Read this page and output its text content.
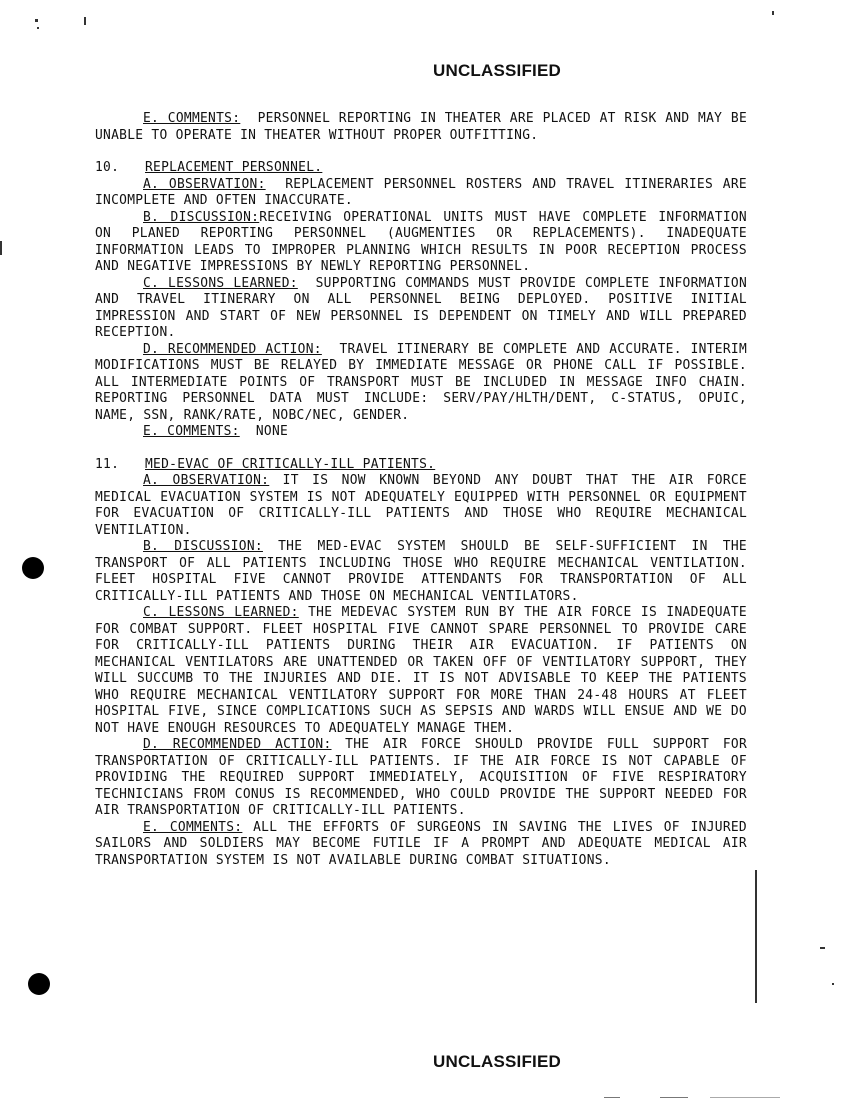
UNCLASSIFIED
E. COMMENTS: PERSONNEL REPORTING IN THEATER ARE PLACED AT RISK AND MAY BE UNABLE TO OPERATE IN THEATER WITHOUT PROPER OUTFITTING.
10. REPLACEMENT PERSONNEL.
A. OBSERVATION: REPLACEMENT PERSONNEL ROSTERS AND TRAVEL ITINERARIES ARE INCOMPLETE AND OFTEN INACCURATE.
B. DISCUSSION:RECEIVING OPERATIONAL UNITS MUST HAVE COMPLETE INFORMATION ON PLANED REPORTING PERSONNEL (AUGMENTIES OR REPLACEMENTS). INADEQUATE INFORMATION LEADS TO IMPROPER PLANNING WHICH RESULTS IN POOR RECEPTION PROCESS AND NEGATIVE IMPRESSIONS BY NEWLY REPORTING PERSONNEL.
C. LESSONS LEARNED: SUPPORTING COMMANDS MUST PROVIDE COMPLETE INFORMATION AND TRAVEL ITINERARY ON ALL PERSONNEL BEING DEPLOYED. POSITIVE INITIAL IMPRESSION AND START OF NEW PERSONNEL IS DEPENDENT ON TIMELY AND WILL PREPARED RECEPTION.
D. RECOMMENDED ACTION: TRAVEL ITINERARY BE COMPLETE AND ACCURATE. INTERIM MODIFICATIONS MUST BE RELAYED BY IMMEDIATE MESSAGE OR PHONE CALL IF POSSIBLE. ALL INTERMEDIATE POINTS OF TRANSPORT MUST BE INCLUDED IN MESSAGE INFO CHAIN. REPORTING PERSONNEL DATA MUST INCLUDE: SERV/PAY/HLTH/DENT, C-STATUS, OPUIC, NAME, SSN, RANK/RATE, NOBC/NEC, GENDER.
E. COMMENTS: NONE
11. MED-EVAC OF CRITICALLY-ILL PATIENTS.
A. OBSERVATION: IT IS NOW KNOWN BEYOND ANY DOUBT THAT THE AIR FORCE MEDICAL EVACUATION SYSTEM IS NOT ADEQUATELY EQUIPPED WITH PERSONNEL OR EQUIPMENT FOR EVACUATION OF CRITICALLY-ILL PATIENTS AND THOSE WHO REQUIRE MECHANICAL VENTILATION.
B. DISCUSSION: THE MED-EVAC SYSTEM SHOULD BE SELF-SUFFICIENT IN THE TRANSPORT OF ALL PATIENTS INCLUDING THOSE WHO REQUIRE MECHANICAL VENTILATION. FLEET HOSPITAL FIVE CANNOT PROVIDE ATTENDANTS FOR TRANSPORTATION OF ALL CRITICALLY-ILL PATIENTS AND THOSE ON MECHANICAL VENTILATORS.
C. LESSONS LEARNED: THE MEDEVAC SYSTEM RUN BY THE AIR FORCE IS INADEQUATE FOR COMBAT SUPPORT. FLEET HOSPITAL FIVE CANNOT SPARE PERSONNEL TO PROVIDE CARE FOR CRITICALLY-ILL PATIENTS DURING THEIR AIR EVACUATION. IF PATIENTS ON MECHANICAL VENTILATORS ARE UNATTENDED OR TAKEN OFF OF VENTILATORY SUPPORT, THEY WILL SUCCUMB TO THE INJURIES AND DIE. IT IS NOT ADVISABLE TO KEEP THE PATIENTS WHO REQUIRE MECHANICAL VENTILATORY SUPPORT FOR MORE THAN 24-48 HOURS AT FLEET HOSPITAL FIVE, SINCE COMPLICATIONS SUCH AS SEPSIS AND WARDS WILL ENSUE AND WE DO NOT HAVE ENOUGH RESOURCES TO ADEQUATELY MANAGE THEM.
D. RECOMMENDED ACTION: THE AIR FORCE SHOULD PROVIDE FULL SUPPORT FOR TRANSPORTATION OF CRITICALLY-ILL PATIENTS. IF THE AIR FORCE IS NOT CAPABLE OF PROVIDING THE REQUIRED SUPPORT IMMEDIATELY, ACQUISITION OF FIVE RESPIRATORY TECHNICIANS FROM CONUS IS RECOMMENDED, WHO COULD PROVIDE THE SUPPORT NEEDED FOR AIR TRANSPORTATION OF CRITICALLY-ILL PATIENTS.
E. COMMENTS: ALL THE EFFORTS OF SURGEONS IN SAVING THE LIVES OF INJURED SAILORS AND SOLDIERS MAY BECOME FUTILE IF A PROMPT AND ADEQUATE MEDICAL AIR TRANSPORTATION SYSTEM IS NOT AVAILABLE DURING COMBAT SITUATIONS.
UNCLASSIFIED
